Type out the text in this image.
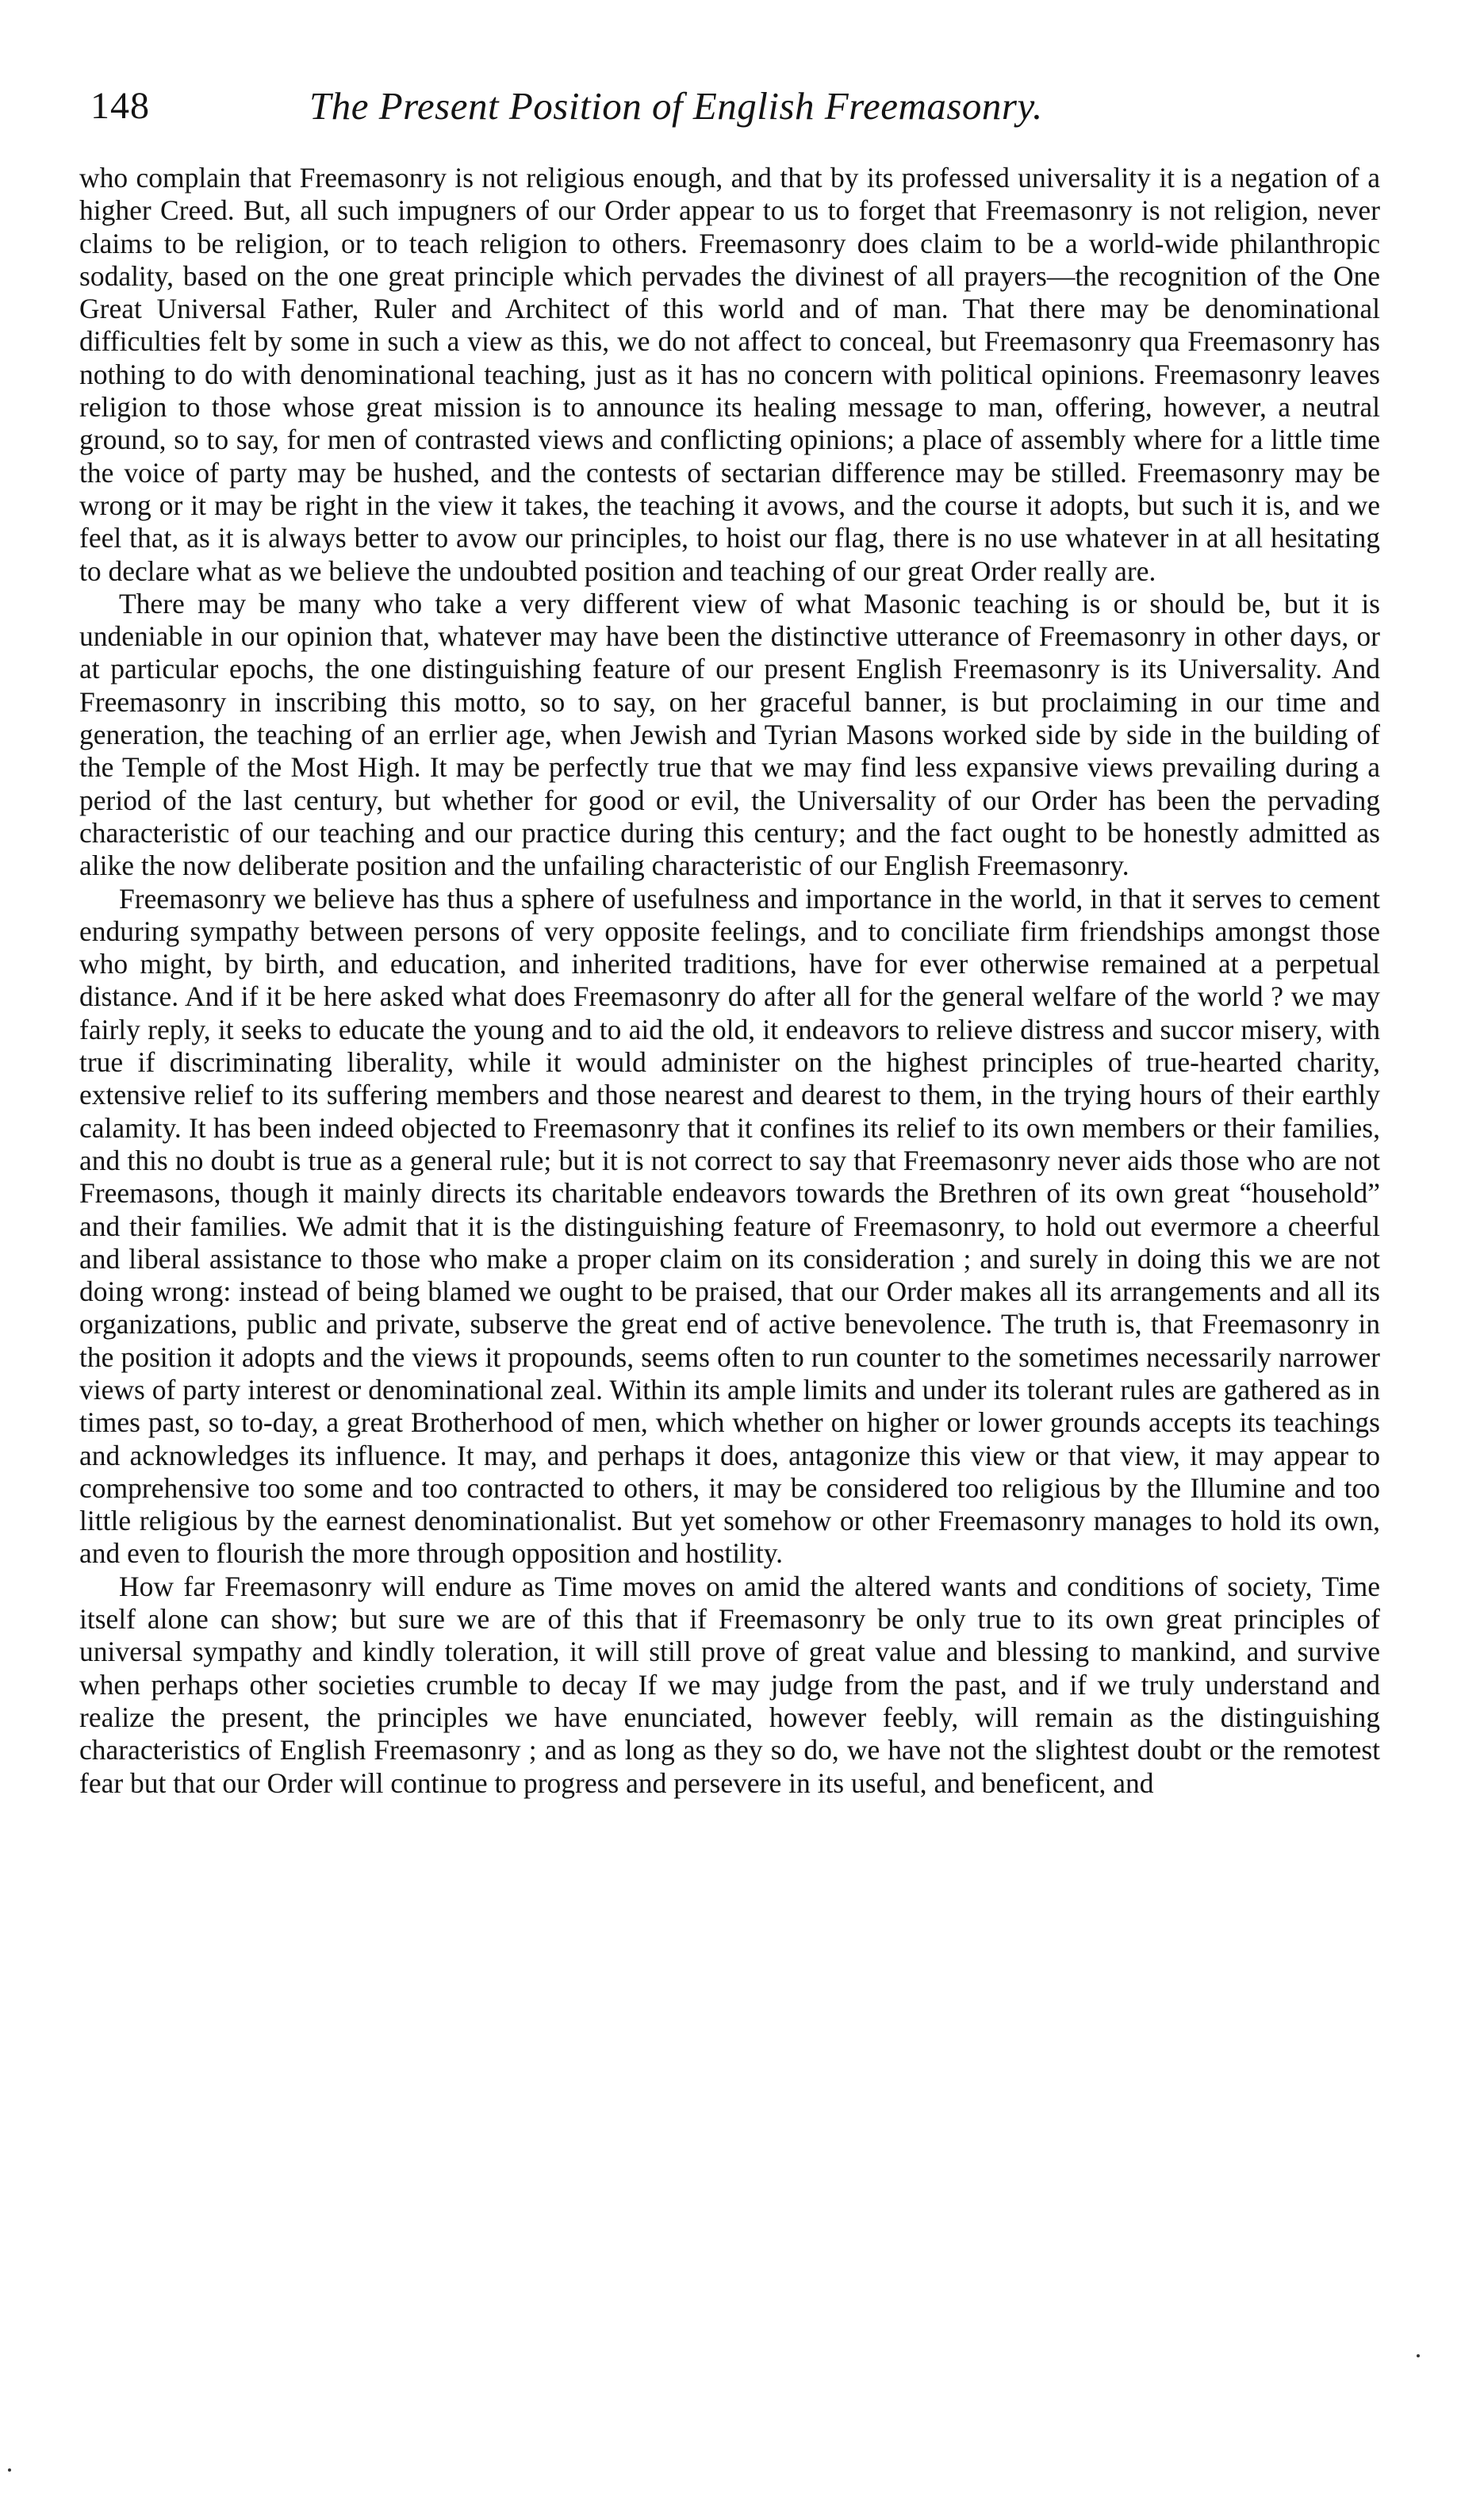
148	The Present Position of English Freemasonry.

who complain that Freemasonry is not religious enough, and that by its professed universality it is a negation of a higher Creed. But, all such impugners of our Order appear to us to forget that Freemasonry is not religion, never claims to be religion, or to teach religion to others. Freemasonry does claim to be a world-wide philanthropic sodality, based on the one great principle which pervades the divinest of all prayers—the recognition of the One Great Universal Father, Ruler and Architect of this world and of man. That there may be denominational difficulties felt by some in such a view as this, we do not affect to conceal, but Freemasonry qua Freemasonry has nothing to do with denominational teaching, just as it has no concern with political opinions. Freemasonry leaves religion to those whose great mission is to announce its healing message to man, offering, however, a neutral ground, so to say, for men of contrasted views and conflicting opinions; a place of assembly where for a little time the voice of party may be hushed, and the contests of sectarian difference may be stilled. Freemasonry may be wrong or it may be right in the view it takes, the teaching it avows, and the course it adopts, but such it is, and we feel that, as it is always better to avow our principles, to hoist our flag, there is no use whatever in at all hesitating to declare what as we believe the undoubted position and teaching of our great Order really are.

There may be many who take a very different view of what Masonic teaching is or should be, but it is undeniable in our opinion that, whatever may have been the distinctive utterance of Freemasonry in other days, or at particular epochs, the one distinguishing feature of our present English Freemasonry is its Universality. And Freemasonry in inscribing this motto, so to say, on her graceful banner, is but proclaiming in our time and generation, the teaching of an errlier age, when Jewish and Tyrian Masons worked side by side in the building of the Temple of the Most High. It may be perfectly true that we may find less expansive views prevailing during a period of the last century, but whether for good or evil, the Universality of our Order has been the pervading characteristic of our teaching and our practice during this century; and the fact ought to be honestly admitted as alike the now deliberate position and the unfailing characteristic of our English Freemasonry.

Freemasonry we believe has thus a sphere of usefulness and importance in the world, in that it serves to cement enduring sympathy between persons of very opposite feelings, and to conciliate firm friendships amongst those who might, by birth, and education, and inherited traditions, have for ever otherwise remained at a perpetual distance. And if it be here asked what does Freemasonry do after all for the general welfare of the world ? we may fairly reply, it seeks to educate the young and to aid the old, it endeavors to relieve distress and succor misery, with true if discriminating liberality, while it would administer on the highest principles of true-hearted charity, extensive relief to its suffering members and those nearest and dearest to them, in the trying hours of their earthly calamity. It has been indeed objected to Freemasonry that it confines its relief to its own members or their families, and this no doubt is true as a general rule; but it is not correct to say that Freemasonry never aids those who are not Freemasons, though it mainly directs its charitable endeavors towards the Brethren of its own great “household” and their families. We admit that it is the distinguishing feature of Freemasonry, to hold out evermore a cheerful and liberal assistance to those who make a proper claim on its consideration ; and surely in doing this we are not doing wrong: instead of being blamed we ought to be praised, that our Order makes all its arrangements and all its organizations, public and private, subserve the great end of active benevolence. The truth is, that Freemasonry in the position it adopts and the views it propounds, seems often to run counter to the sometimes necessarily narrower views of party interest or denominational zeal. Within its ample limits and under its tolerant rules are gathered as in times past, so to-day, a great Brotherhood of men, which whether on higher or lower grounds accepts its teachings and acknowledges its influence. It may, and perhaps it does, antagonize this view or that view, it may appear to comprehensive too some and too contracted to others, it may be considered too religious by the Illumine and too little religious by the earnest denominationalist. But yet somehow or other Freemasonry manages to hold its own, and even to flourish the more through opposition and hostility.

How far Freemasonry will endure as Time moves on amid the altered wants and conditions of society, Time itself alone can show; but sure we are of this that if Freemasonry be only true to its own great principles of universal sympathy and kindly toleration, it will still prove of great value and blessing to mankind, and survive when perhaps other societies crumble to decay If we may judge from the past, and if we truly understand and realize the present, the principles we have enunciated, however feebly, will remain as the distinguishing characteristics of English Freemasonry ; and as long as they so do, we have not the slightest doubt or the remotest fear but that our Order will continue to progress and persevere in its useful, and beneficent, and
